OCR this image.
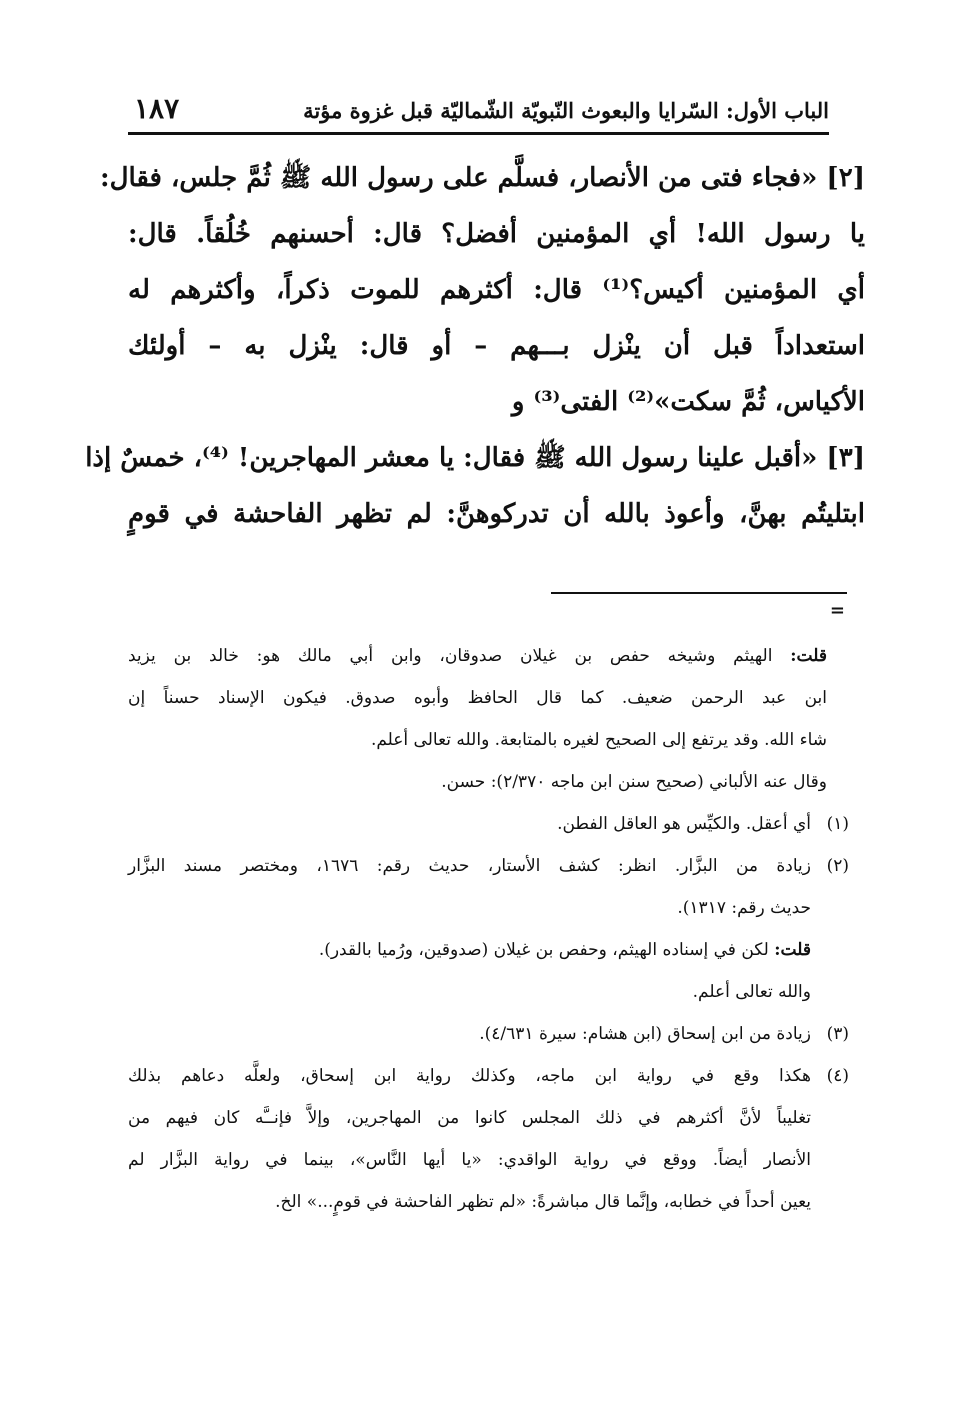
الباب الأول: السّرايا والبعوث النّبويّة الشّماليّة قبل غزوة مؤتة
١٨٧
[٢] «فجاء فتى من الأنصار، فسلَّم على رسول الله ﷺ ثُمَّ جلس، فقال:
يا رسول الله! أي المؤمنين أفضل؟ قال: أحسنهم خُلُقاً. قال:
أي المؤمنين أكيس؟⁽¹⁾ قال: أكثرهم للموت ذكراً، وأكثرهم له
استعداداً قبل أن ينْزل بـــهم – أو قال: ينْزل به – أولئك
الأكياس، ثُمَّ سكت»⁽²⁾ الفتى⁽³⁾ و
[٣] «أقبل علينا رسول الله ﷺ فقال: يا معشر المهاجرين! ⁽⁴⁾، خمسٌ إذا
ابتليتُم بهنَّ، وأعوذ بالله أن تدركوهنَّ: لم تظهر الفاحشة في قومٍ
=
قلت: الهيثم وشيخه حفص بن غيلان صدوقان، وابن أبي مالك هو: خالد بن يزيد
ابن عبد الرحمن ضعيف. كما قال الحافظ وأبوه صدوق. فيكون الإسناد حسناً إن
شاء الله. وقد يرتفع إلى الصحيح لغيره بالمتابعة. والله تعالى أعلم.
وقال عنه الألباني (صحيح سنن ابن ماجه ٢/٣٧٠): حسن.
(١)أي أعقل. والكيِّس هو العاقل الفطن.
(٢)زيادة من البزَّار. انظر: كشف الأستار، حديث رقم: ١٦٧٦، ومختصر مسند البزَّار
حديث رقم: ١٣١٧).
قلت: لكن في إسناده الهيثم، وحفص بن غيلان (صدوقين، ورُميا بالقدر).
والله تعالى أعلم.
(٣)زيادة من ابن إسحاق (ابن هشام: سيرة ٤/٦٣١).
(٤)هكذا وقع في رواية ابن ماجه، وكذلك رواية ابن إسحاق، ولعلَّه دعاهم بذلك
تغليباً لأنَّ أكثرهم في ذلك المجلس كانوا من المهاجرين، وإلاَّ فإنــَّه كان فيهم من
الأنصار أيضاً. ووقع في رواية الواقدي: «يا أيها النَّاس»، بينما في رواية البزَّار لم
يعين أحداً في خطابه، وإنَّما قال مباشرةً: «لم تظهر الفاحشة في قومٍ...» الخ.
